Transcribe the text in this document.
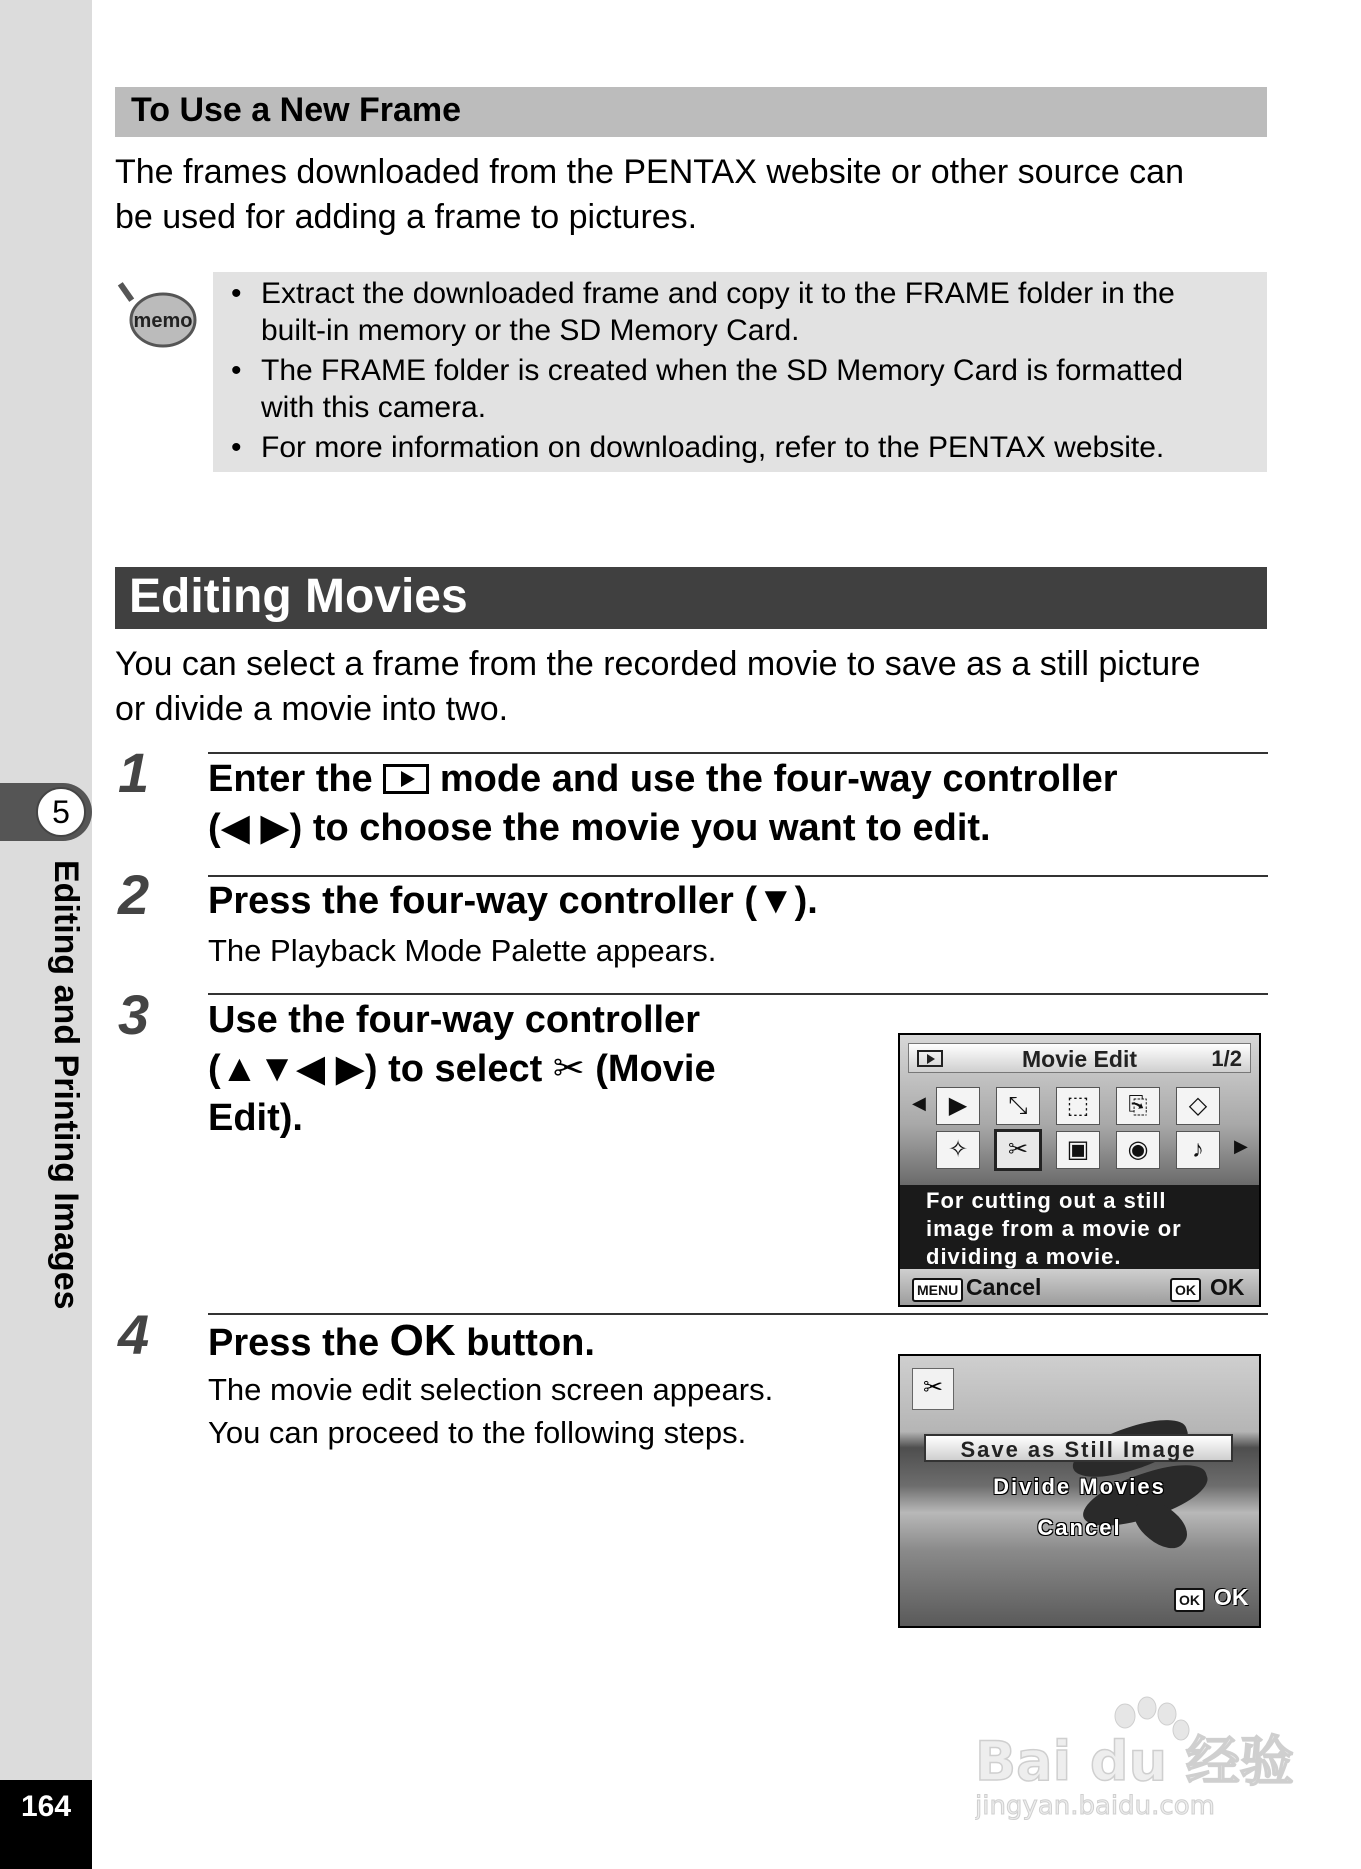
5
Editing and Printing Images
164
To Use a New Frame
The frames downloaded from the PENTAX website or other source can
be used for adding a frame to pictures.
memo
• Extract the downloaded frame and copy it to the FRAME folder in the
built-in memory or the SD Memory Card.
• The FRAME folder is created when the SD Memory Card is formatted
with this camera.
• For more information on downloading, refer to the PENTAX website.
Editing Movies
You can select a frame from the recorded movie to save as a still picture
or divide a movie into two.
1 Enter the mode and use the four-way controller
(◀ ▶) to choose the movie you want to edit.
2 Press the four-way controller (▼).
The Playback Mode Palette appears.
3 Use the four-way controller
(▲▼◀ ▶) to select ✂ (Movie
Edit).
Movie Edit	1/2
◀
▶
▶	⤡	⬚	⎘	◇
✧	✂	▣	◉	♪
For cutting out a still
image from a movie or
dividing a movie.
MENU Cancel	OK OK
4 Press the OK button.
The movie edit selection screen appears.
You can proceed to the following steps.
✂
Save as Still Image
Divide Movies
Cancel
OK OK
Bai du 经验
jingyan.baidu.com
